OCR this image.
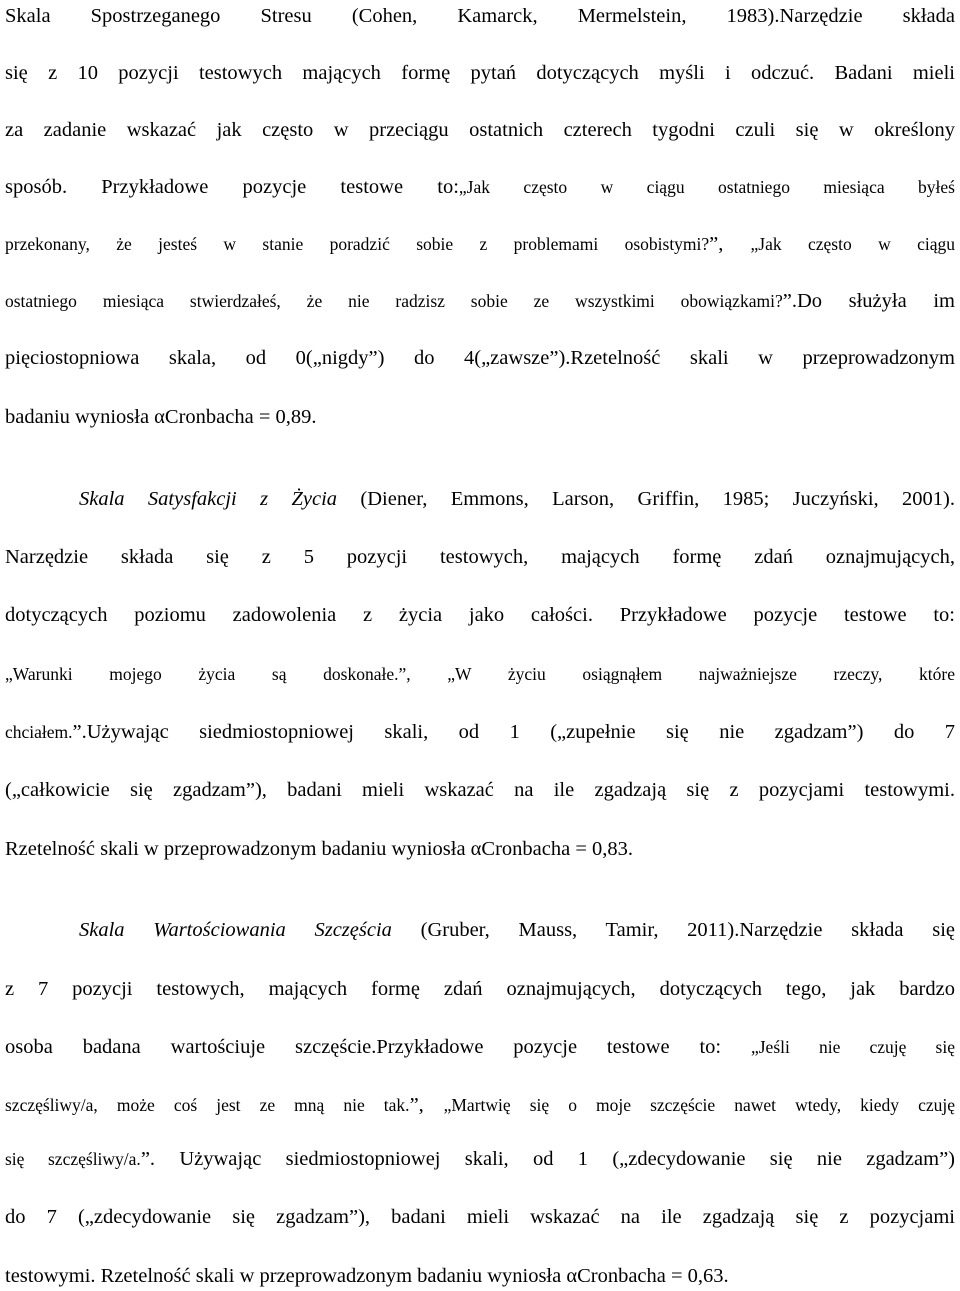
Skala Spostrzeganego Stresu (Cohen, Kamarck, Mermelstein, 1983).Narzędzie składa
się z 10 pozycji testowych mających formę pytań dotyczących myśli i odczuć. Badani mieli
za zadanie wskazać jak często w przeciągu ostatnich czterech tygodni czuli się w określony
sposób. Przykładowe pozycje testowe to:„Jak często w ciągu ostatniego miesiąca byłeś
przekonany, że jesteś w stanie poradzić sobie z problemami osobistymi?”, „Jak często w ciągu
ostatniego miesiąca stwierdzałeś, że nie radzisz sobie ze wszystkimi obowiązkami?”.Do służyła im
pięciostopniowa skala, od 0(„nigdy”) do 4(„zawsze”).Rzetelność skali w przeprowadzonym
badaniu wyniosła αCronbacha = 0,89.
Skala Satysfakcji z Życia (Diener, Emmons, Larson, Griffin, 1985; Juczyński, 2001).
Narzędzie składa się z 5 pozycji testowych, mających formę zdań oznajmujących,
dotyczących poziomu zadowolenia z życia jako całości. Przykładowe pozycje testowe to:
„Warunki mojego życia są doskonałe.”, „W życiu osiągnąłem najważniejsze rzeczy, które
chciałem.”.Używając siedmiostopniowej skali, od 1 („zupełnie się nie zgadzam”) do 7
(„całkowicie się zgadzam”), badani mieli wskazać na ile zgadzają się z pozycjami testowymi.
Rzetelność skali w przeprowadzonym badaniu wyniosła αCronbacha = 0,83.
Skala Wartościowania Szczęścia (Gruber, Mauss, Tamir, 2011).Narzędzie składa się
z 7 pozycji testowych, mających formę zdań oznajmujących, dotyczących tego, jak bardzo
osoba badana wartościuje szczęście.Przykładowe pozycje testowe to: „Jeśli nie czuję się
szczęśliwy/a, może coś jest ze mną nie tak.”, „Martwię się o moje szczęście nawet wtedy, kiedy czuję
się szczęśliwy/a.”. Używając siedmiostopniowej skali, od 1 („zdecydowanie się nie zgadzam”)
do 7 („zdecydowanie się zgadzam”), badani mieli wskazać na ile zgadzają się z pozycjami
testowymi. Rzetelność skali w przeprowadzonym badaniu wyniosła αCronbacha = 0,63.
